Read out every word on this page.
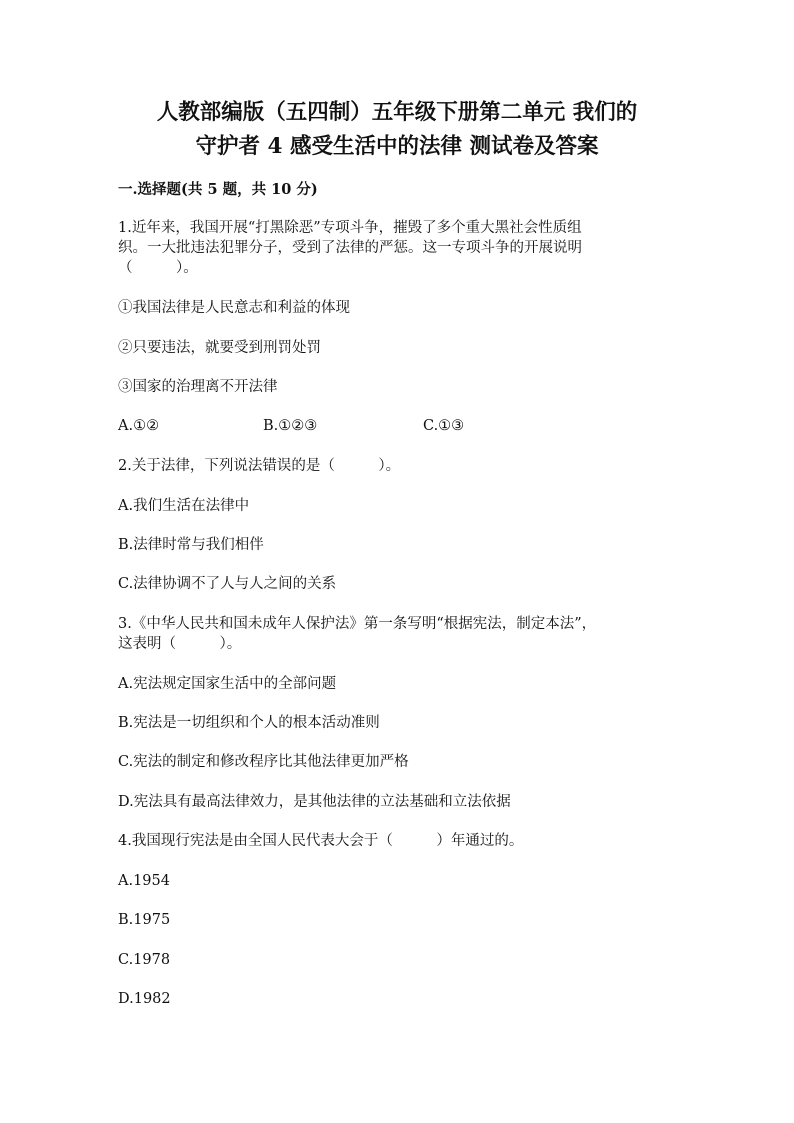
人教部编版（五四制）五年级下册第二单元 我们的
守护者 4 感受生活中的法律 测试卷及答案

一.选择题(共 5 题，共 10 分)

1.近年来，我国开展“打黑除恶”专项斗争，摧毁了多个重大黑社会性质组

织。一大批违法犯罪分子，受到了法律的严惩。这一专项斗争的开展说明

（　　　）。

①我国法律是人民意志和利益的体现

②只要违法，就要受到刑罚处罚

③国家的治理离不开法律

A.①②	B.①②③	C.①③

2.关于法律，下列说法错误的是（　　　）。

A.我们生活在法律中

B.法律时常与我们相伴

C.法律协调不了人与人之间的关系

3.《中华人民共和国未成年人保护法》第一条写明“根据宪法，制定本法”，

这表明（　　　）。

A.宪法规定国家生活中的全部问题

B.宪法是一切组织和个人的根本活动准则

C.宪法的制定和修改程序比其他法律更加严格

D.宪法具有最高法律效力，是其他法律的立法基础和立法依据

4.我国现行宪法是由全国人民代表大会于（　　　）年通过的。

A.1954

B.1975

C.1978

D.1982
